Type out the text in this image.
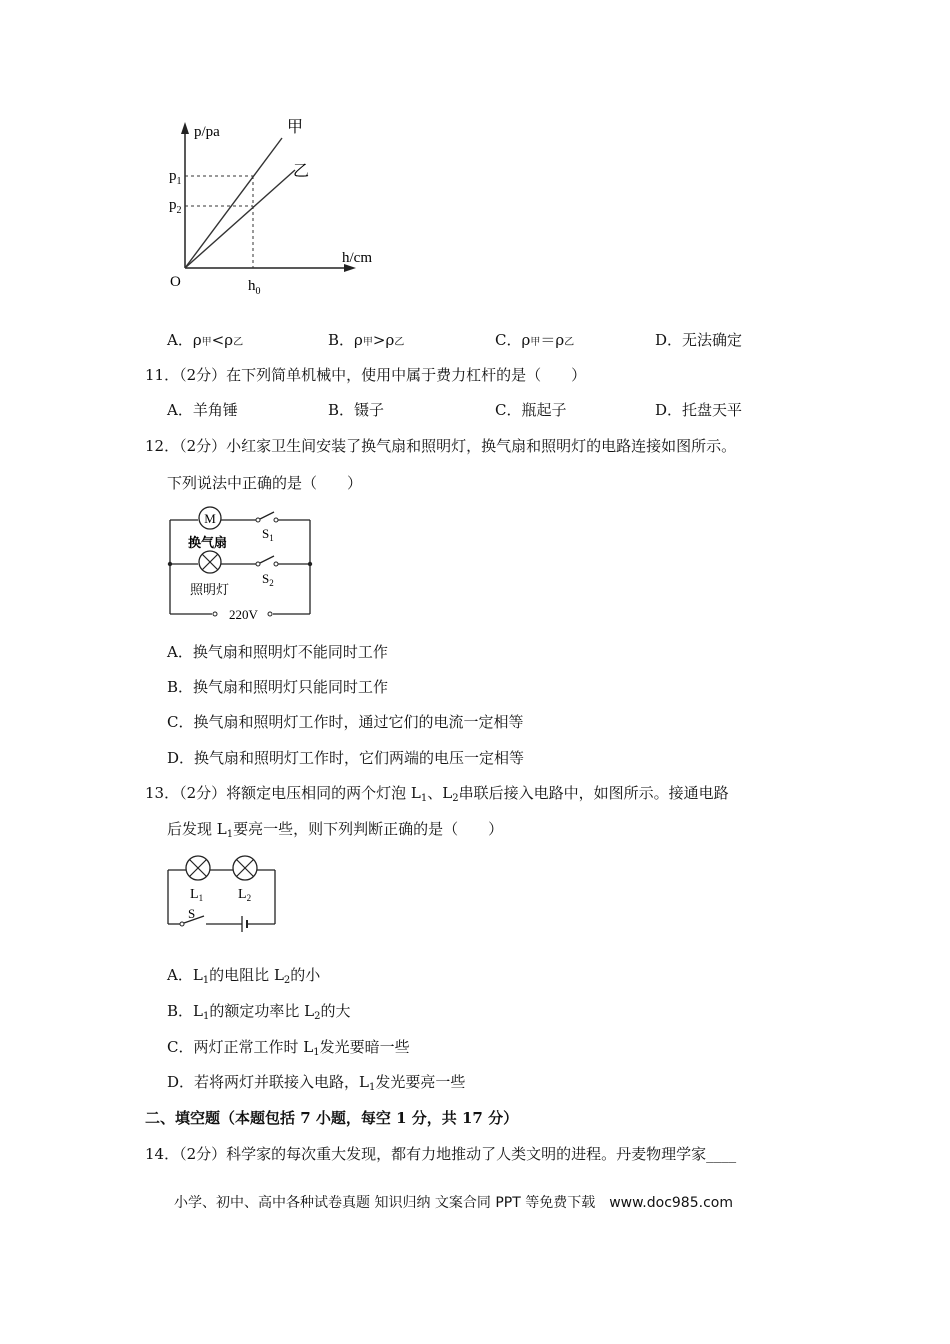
p/pa
h/cm
O
甲
乙
$p_1$
$p_2$
$h_0$
A．ρ甲<ρ乙	B．ρ甲>ρ乙	C．ρ甲＝ρ乙	D．无法确定
11．（2分）在下列简单机械中，使用中属于费力杠杆的是（　　）
A．羊角锤	B．镊子	C．瓶起子	D．托盘天平
12．（2分）小红家卫生间安装了换气扇和照明灯，换气扇和照明灯的电路连接如图所示。
下列说法中正确的是（　　）
M
换气扇
$S_1$
照明灯
$S_2$
220V
A．换气扇和照明灯不能同时工作
B．换气扇和照明灯只能同时工作
C．换气扇和照明灯工作时，通过它们的电流一定相等
D．换气扇和照明灯工作时，它们两端的电压一定相等
13．（2分）将额定电压相同的两个灯泡 $L_1$、$L_2$串联后接入电路中，如图所示。接通电路
后发现 $L_1$要亮一些，则下列判断正确的是（　　）
$L_1$ $L_2$
S
A．$L_1$的电阻比 $L_2$的小
B．$L_1$的额定功率比 $L_2$的大
C．两灯正常工作时 $L_1$发光要暗一些
D．若将两灯并联接入电路，$L_1$发光要亮一些
二、填空题（本题包括 7 小题，每空 1 分，共 17 分）
14．（2分）科学家的每次重大发现，都有力地推动了人类文明的进程。丹麦物理学家____
小学、初中、高中各种试卷真题 知识归纳 文案合同 PPT 等免费下载　www.doc985.com
